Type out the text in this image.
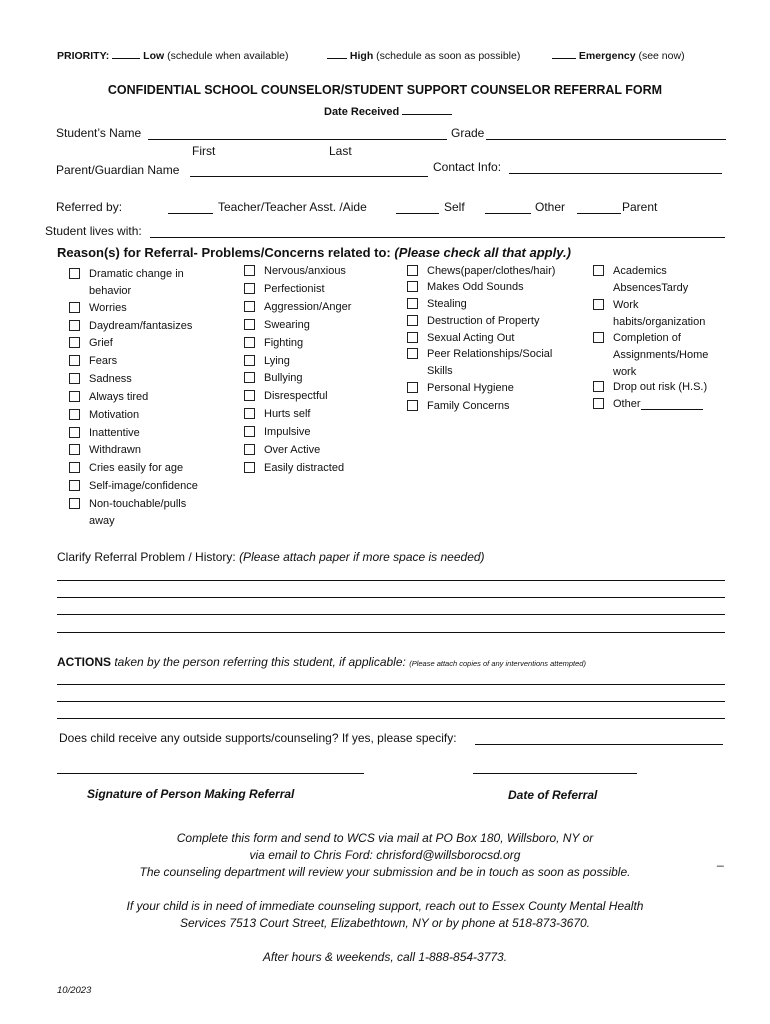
PRIORITY:	Low (schedule when available)	High (schedule as soon as possible)	Emergency (see now)
CONFIDENTIAL SCHOOL COUNSELOR/STUDENT SUPPORT COUNSELOR REFERRAL FORM
Date Received
Student’s Name	Grade
First	Last
Parent/Guardian Name	Contact Info:
Referred by:	Teacher/Teacher Asst. /Aide	Self	Other	Parent
Student lives with:
Reason(s) for Referral- Problems/Concerns related to: (Please check all that apply.)
Dramatic change in behavior
Worries
Daydream/fantasizes
Grief
Fears
Sadness
Always tired
Motivation
Inattentive
Withdrawn
Cries easily for age
Self-image/confidence
Non-touchable/pulls away
Nervous/anxious
Perfectionist
Aggression/Anger
Swearing
Fighting
Lying
Bullying
Disrespectful
Hurts self
Impulsive
Over Active
Easily distracted
Chews(paper/clothes/hair)
Makes Odd Sounds
Stealing
Destruction of Property
Sexual Acting Out
Peer Relationships/Social Skills
Personal Hygiene
Family Concerns
Academics AbsencesTardy
Work habits/organization
Completion of Assignments/Home work
Drop out risk (H.S.)
Other
Clarify Referral Problem / History: (Please attach paper if more space is needed)
ACTIONS taken by the person referring this student, if applicable: (Please attach copies of any interventions attempted)
Does child receive any outside supports/counseling? If yes, please specify:
Signature of Person Making Referral	Date of Referral
Complete this form and send to WCS via mail at PO Box 180, Willsboro, NY or
via email to Chris Ford: chrisford@willsborocsd.org
The counseling department will review your submission and be in touch as soon as possible.
_
If your child is in need of immediate counseling support, reach out to Essex County Mental Health
Services 7513 Court Street, Elizabethtown, NY or by phone at 518-873-3670.
After hours & weekends, call 1-888-854-3773.
10/2023
